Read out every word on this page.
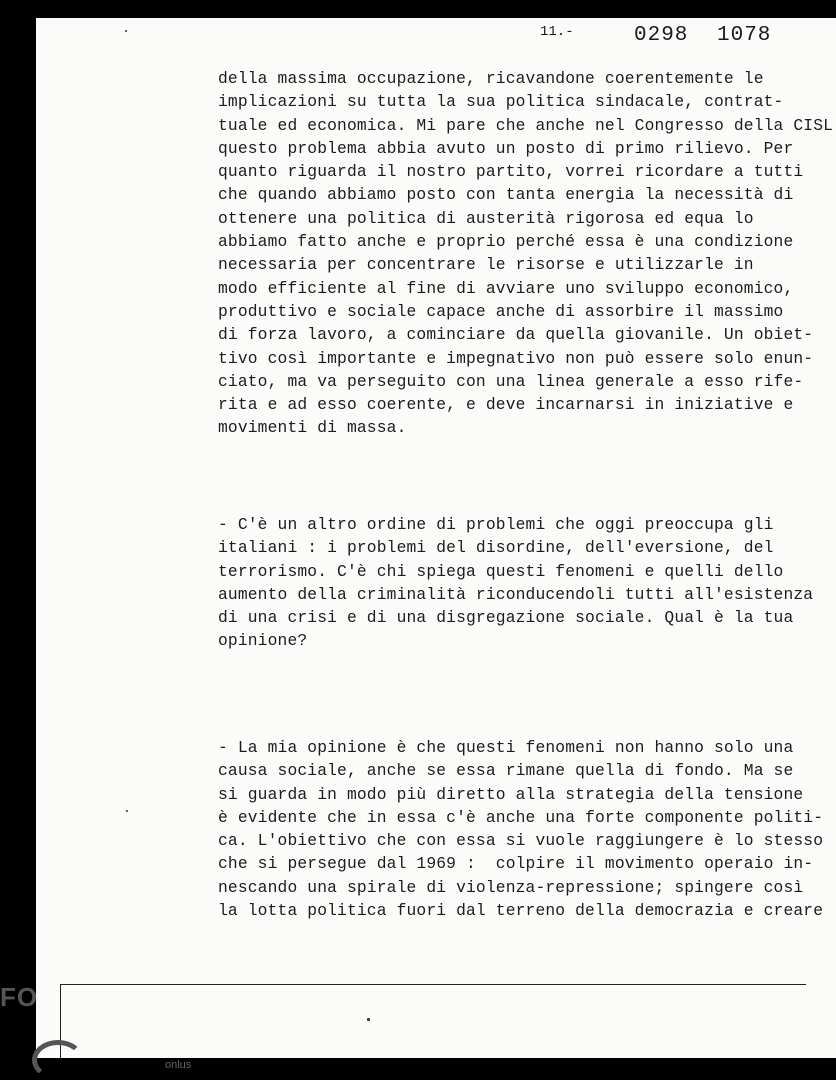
11.-	0298 1078
della massima occupazione, ricavandone coerentemente le
implicazioni su tutta la sua politica sindacale, contrat-
tuale ed economica. Mi pare che anche nel Congresso della CISL
questo problema abbia avuto un posto di primo rilievo. Per
quanto riguarda il nostro partito, vorrei ricordare a tutti
che quando abbiamo posto con tanta energia la necessità di
ottenere una politica di austerità rigorosa ed equa lo
abbiamo fatto anche e proprio perché essa è una condizione
necessaria per concentrare le risorse e utilizzarle in
modo efficiente al fine di avviare uno sviluppo economico,
produttivo e sociale capace anche di assorbire il massimo
di forza lavoro, a cominciare da quella giovanile. Un obiet-
tivo così importante e impegnativo non può essere solo enun-
ciato, ma va perseguito con una linea generale a esso rife-
rita e ad esso coerente, e deve incarnarsi in iniziative e
movimenti di massa.
- C'è un altro ordine di problemi che oggi preoccupa gli
italiani : i problemi del disordine, dell'eversione, del
terrorismo. C'è chi spiega questi fenomeni e quelli dello
aumento della criminalità riconducendoli tutti all'esistenza
di una crisi e di una disgregazione sociale. Qual è la tua
opinione?
- La mia opinione è che questi fenomeni non hanno solo una
causa sociale, anche se essa rimane quella di fondo. Ma se
si guarda in modo più diretto alla strategia della tensione
è evidente che in essa c'è anche una forte componente politi-
ca. L'obiettivo che con essa si vuole raggiungere è lo stesso
che si persegue dal 1969 :  colpire il movimento operaio in-
nescando una spirale di violenza-repressione; spingere così
la lotta politica fuori dal terreno della democrazia e creare
FO
onlus
